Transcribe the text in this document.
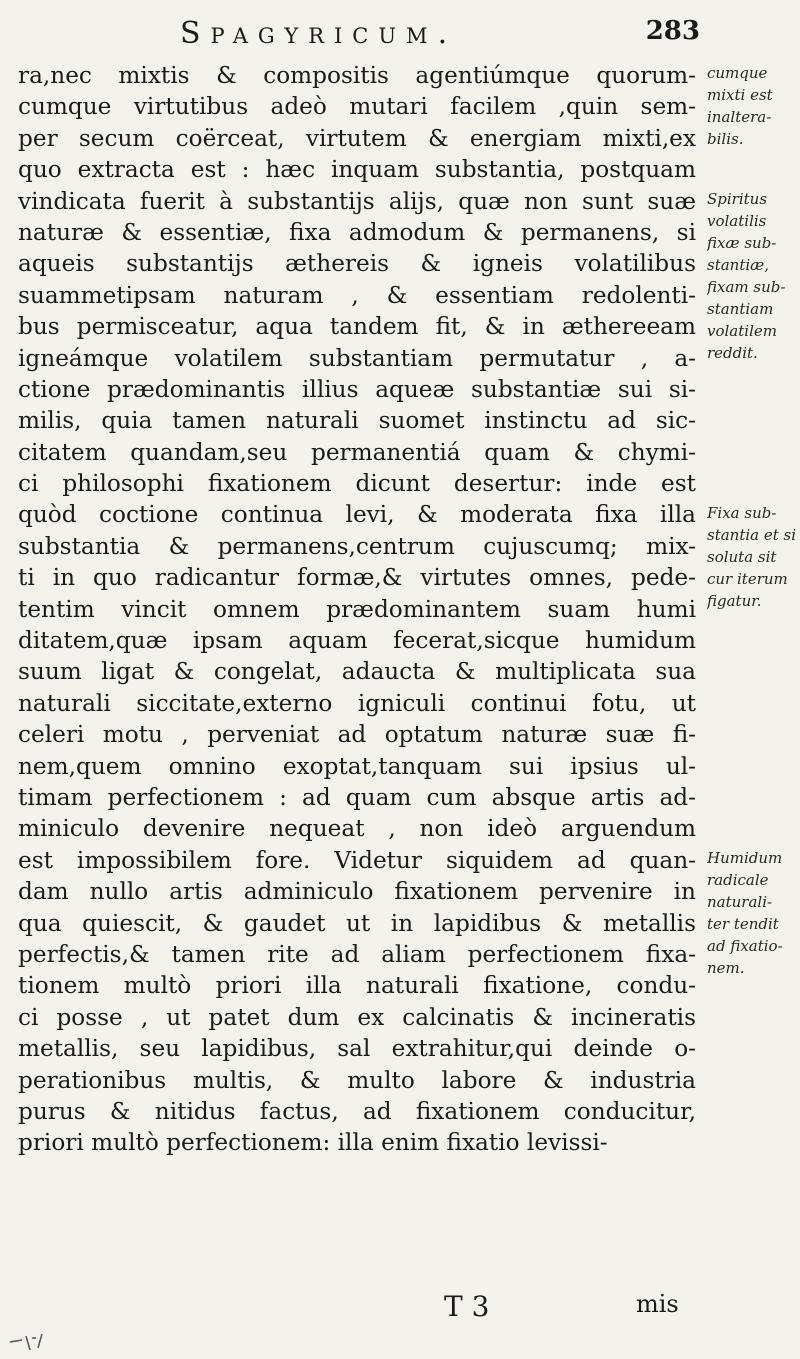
Spagyricum.	283
ra,nec mixtis & compositis agentiúmque quorum-
cumque virtutibus adeò mutari facilem ,quin sem-
per secum coërceat, virtutem & energiam mixti,ex
quo extracta est : hæc inquam substantia, postquam
vindicata fuerit à substantijs alijs, quæ non sunt suæ
naturæ & essentiæ, fixa admodum & permanens, si
aqueis substantijs æthereis & igneis volatilibus
suammetipsam naturam , & essentiam redolenti-
bus permisceatur, aqua tandem fit, & in æthereeam
igneámque volatilem substantiam permutatur , a-
ctione prædominantis illius aqueæ substantiæ sui si-
milis, quia tamen naturali suomet instinctu ad sic-
citatem quandam,seu permanentiá quam & chymi-
ci philosophi fixationem dicunt desertur: inde est
quòd coctione continua levi, & moderata fixa illa
substantia & permanens,centrum cujuscumq; mix-
ti in quo radicantur formæ,& virtutes omnes, pede-
tentim vincit omnem prædominantem suam humi
ditatem,quæ ipsam aquam fecerat,sicque humidum
suum ligat & congelat, adaucta & multiplicata sua
naturali siccitate,externo igniculi continui fotu, ut
celeri motu , perveniat ad optatum naturæ suæ fi-
nem,quem omnino exoptat,tanquam sui ipsius ul-
timam perfectionem : ad quam cum absque artis ad-
miniculo devenire nequeat , non ideò arguendum
est impossibilem fore. Videtur siquidem ad quan-
dam nullo artis adminiculo fixationem pervenire in
qua quiescit, & gaudet ut in lapidibus & metallis
perfectis,& tamen rite ad aliam perfectionem fixa-
tionem multò priori illa naturali fixatione, condu-
ci posse , ut patet dum ex calcinatis & incineratis
metallis, seu lapidibus, sal extrahitur,qui deinde o-
perationibus multis, & multo labore & industria
purus & nitidus factus, ad fixationem conducitur,
priori multò perfectionem: illa enim fixatio levissi-
cumque
mixti est
inaltera-
bilis.
Spiritus
volatilis
fixæ sub-
stantiæ,
fixam sub-
stantiam
volatilem
reddit.
Fixa sub-
stantia et si
soluta sit
cur iterum
figatur.
Humidum
radicale
naturali-
ter tendit
ad fixatio-
nem.
T 3	mis
